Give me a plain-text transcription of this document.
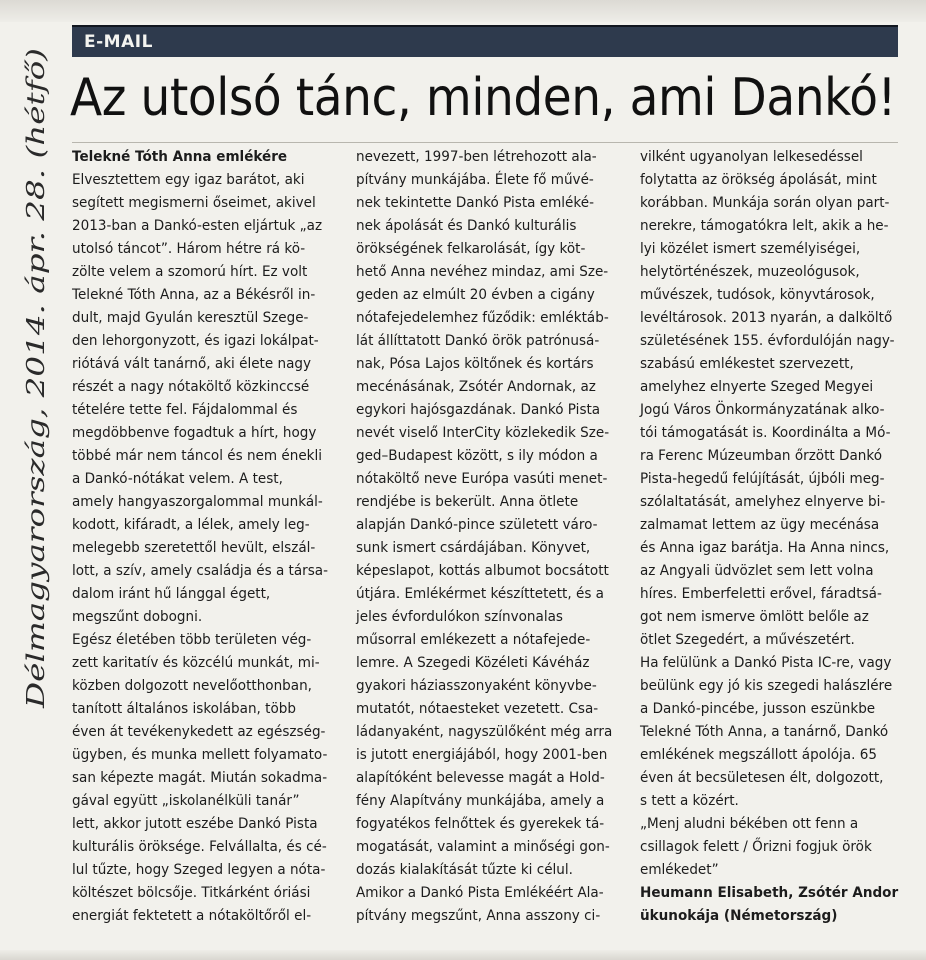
E-MAIL
Az utolsó tánc, minden, ami Dankó!
Délmagyarország, 2014. ápr. 28. (hétfő)
Telekné Tóth Anna emlékére
Elvesztettem egy igaz barátot, aki
segített megismerni őseimet, akivel
2013-ban a Dankó-esten eljártuk „az
utolsó táncot”. Három hétre rá kö-
zölte velem a szomorú hírt. Ez volt
Telekné Tóth Anna, az a Békésről in-
dult, majd Gyulán keresztül Szege-
den lehorgonyzott, és igazi lokálpat-
riótává vált tanárnő, aki élete nagy
részét a nagy nótaköltő közkinccsé
tételére tette fel. Fájdalommal és
megdöbbenve fogadtuk a hírt, hogy
többé már nem táncol és nem énekli
a Dankó-nótákat velem. A test,
amely hangyaszorgalommal munkál-
kodott, kifáradt, a lélek, amely leg-
melegebb szeretettől hevült, elszál-
lott, a szív, amely családja és a társa-
dalom iránt hű lánggal égett,
megszűnt dobogni.
Egész életében több területen vég-
zett karitatív és közcélú munkát, mi-
közben dolgozott nevelőotthonban,
tanított általános iskolában, több
éven át tevékenykedett az egészség-
ügyben, és munka mellett folyamato-
san képezte magát. Miután sokadma-
gával együtt „iskolanélküli tanár”
lett, akkor jutott eszébe Dankó Pista
kulturális öröksége. Felvállalta, és cé-
lul tűzte, hogy Szeged legyen a nóta-
költészet bölcsője. Titkárként óriási
energiát fektetett a nótaköltőről el-
nevezett, 1997-ben létrehozott ala-
pítvány munkájába. Élete fő művé-
nek tekintette Dankó Pista emléké-
nek ápolását és Dankó kulturális
örökségének felkarolását, így köt-
hető Anna nevéhez mindaz, ami Sze-
geden az elmúlt 20 évben a cigány
nótafejedelemhez fűződik: emléktáb-
lát állíttatott Dankó örök patrónusá-
nak, Pósa Lajos költőnek és kortárs
mecénásának, Zsótér Andornak, az
egykori hajósgazdának. Dankó Pista
nevét viselő InterCity közlekedik Sze-
ged–Budapest között, s ily módon a
nótaköltő neve Európa vasúti menet-
rendjébe is bekerült. Anna ötlete
alapján Dankó-pince született váro-
sunk ismert csárdájában. Könyvet,
képeslapot, kottás albumot bocsátott
útjára. Emlékérmet készíttetett, és a
jeles évfordulókon színvonalas
műsorral emlékezett a nótafejede-
lemre. A Szegedi Közéleti Kávéház
gyakori háziasszonyaként könyvbe-
mutatót, nótaesteket vezetett. Csa-
ládanyaként, nagyszülőként még arra
is jutott energiájából, hogy 2001-ben
alapítóként belevesse magát a Hold-
fény Alapítvány munkájába, amely a
fogyatékos felnőttek és gyerekek tá-
mogatását, valamint a minőségi gon-
dozás kialakítását tűzte ki célul.
Amikor a Dankó Pista Emlékéért Ala-
pítvány megszűnt, Anna asszony ci-
vilként ugyanolyan lelkesedéssel
folytatta az örökség ápolását, mint
korábban. Munkája során olyan part-
nerekre, támogatókra lelt, akik a he-
lyi közélet ismert személyiségei,
helytörténészek, muzeológusok,
művészek, tudósok, könyvtárosok,
levéltárosok. 2013 nyarán, a dalköltő
születésének 155. évfordulóján nagy-
szabású emlékestet szervezett,
amelyhez elnyerte Szeged Megyei
Jogú Város Önkormányzatának alko-
tói támogatását is. Koordinálta a Mó-
ra Ferenc Múzeumban őrzött Dankó
Pista-hegedű felújítását, újbóli meg-
szólaltatását, amelyhez elnyerve bi-
zalmamat lettem az ügy mecénása
és Anna igaz barátja. Ha Anna nincs,
az Angyali üdvözlet sem lett volna
híres. Emberfeletti erővel, fáradtsá-
got nem ismerve ömlött belőle az
ötlet Szegedért, a művészetért.
Ha felülünk a Dankó Pista IC-re, vagy
beülünk egy jó kis szegedi halászlére
a Dankó-pincébe, jusson eszünkbe
Telekné Tóth Anna, a tanárnő, Dankó
emlékének megszállott ápolója. 65
éven át becsületesen élt, dolgozott,
s tett a közért.
„Menj aludni békében ott fenn a
csillagok felett / Őrizni fogjuk örök
emlékedet”
Heumann Elisabeth, Zsótér Andor
ükunokája (Németország)
